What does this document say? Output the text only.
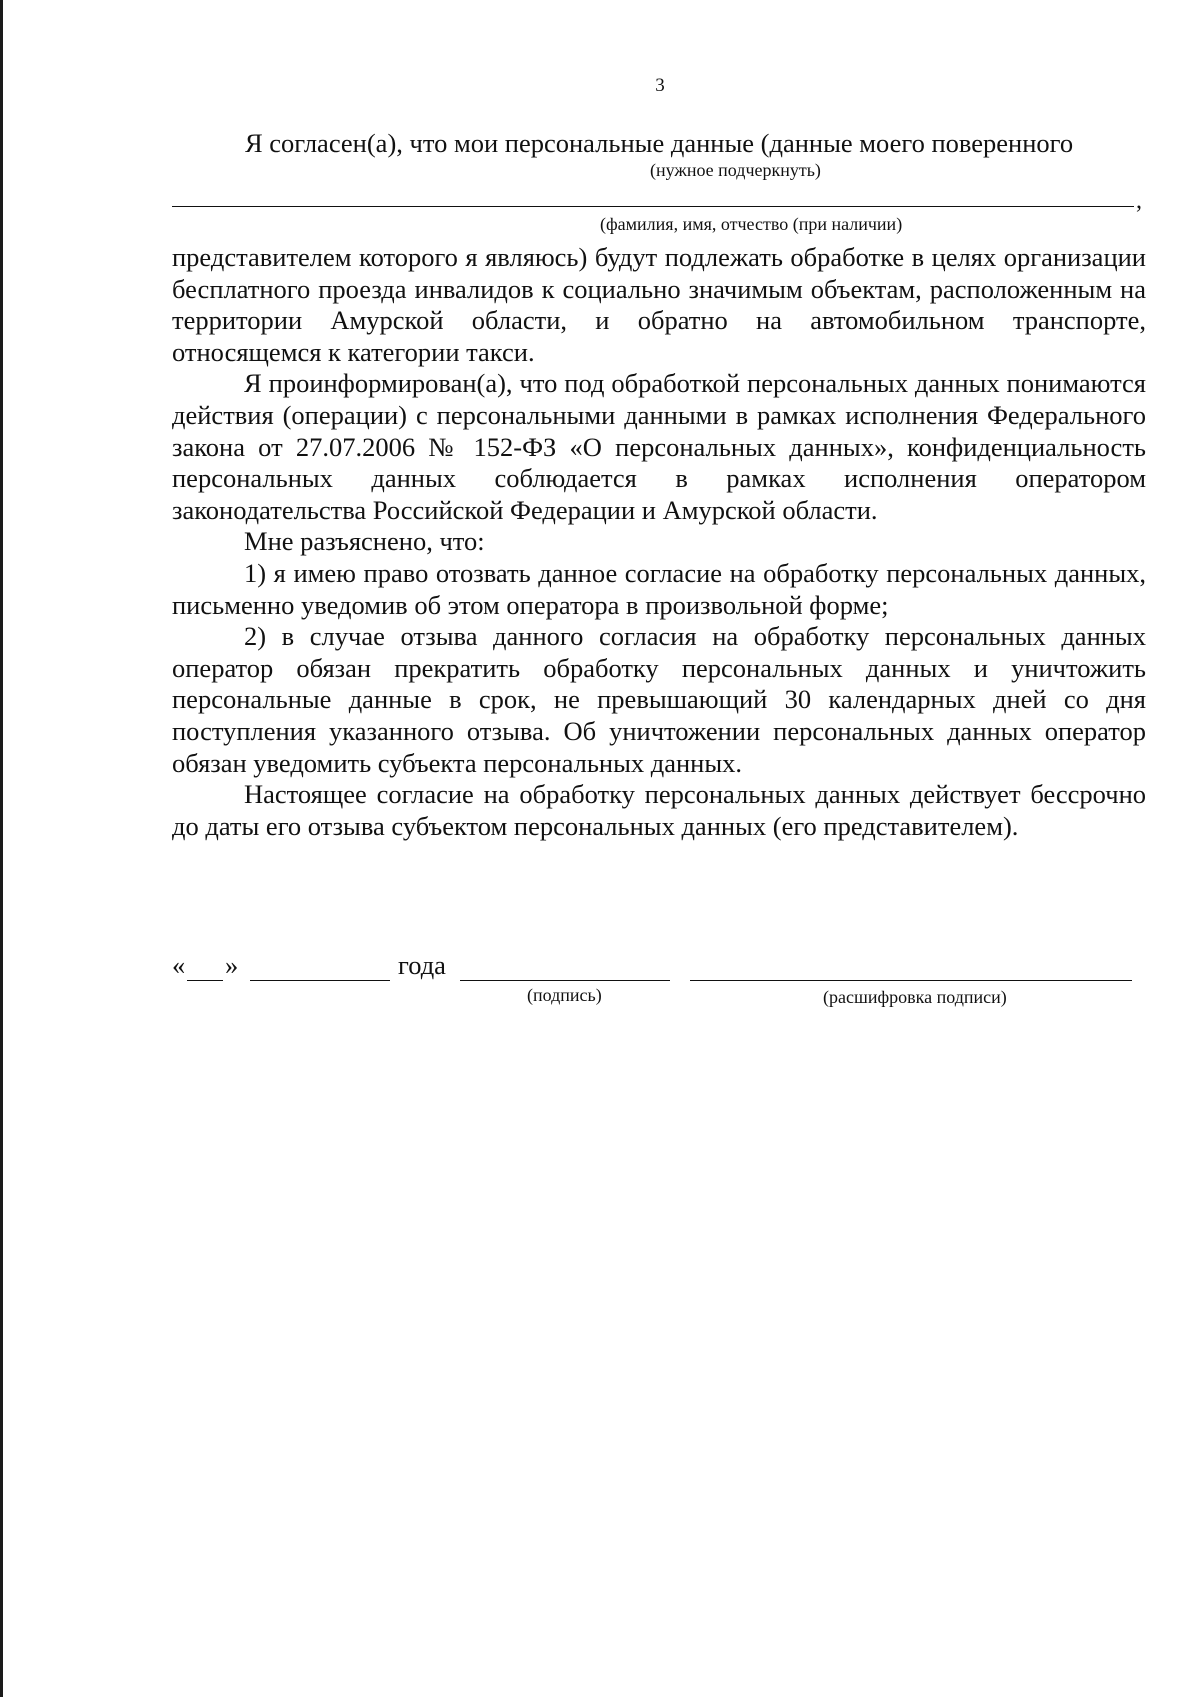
3
Я согласен(а), что мои персональные данные (данные моего поверенного
(нужное подчеркнуть)
,
(фамилия, имя, отчество (при наличии)

представителем которого я являюсь) будут подлежать обработке в целях организации бесплатного проезда инвалидов к социально значимым объектам, расположенным на территории Амурской области, и обратно на автомобильном транспорте, относящемся к категории такси.

Я проинформирован(а), что под обработкой персональных данных понимаются действия (операции) с персональными данными в рамках исполнения Федерального закона от 27.07.2006 № 152-ФЗ «О персональных данных», конфиденциальность персональных данных соблюдается в рамках исполнения оператором законодательства Российской Федерации и Амурской области.

Мне разъяснено, что:

1) я имею право отозвать данное согласие на обработку персональных данных, письменно уведомив об этом оператора в произвольной форме;

2) в случае отзыва данного согласия на обработку персональных данных оператор обязан прекратить обработку персональных данных и уничтожить персональные данные в срок, не превышающий 30 календарных дней со дня поступления указанного отзыва. Об уничтожении персональных данных оператор обязан уведомить субъекта персональных данных.

Настоящее согласие на обработку персональных данных действует бессрочно до даты его отзыва субъектом персональных данных (его представителем).

« »	года
(подпись)	(расшифровка подписи)
